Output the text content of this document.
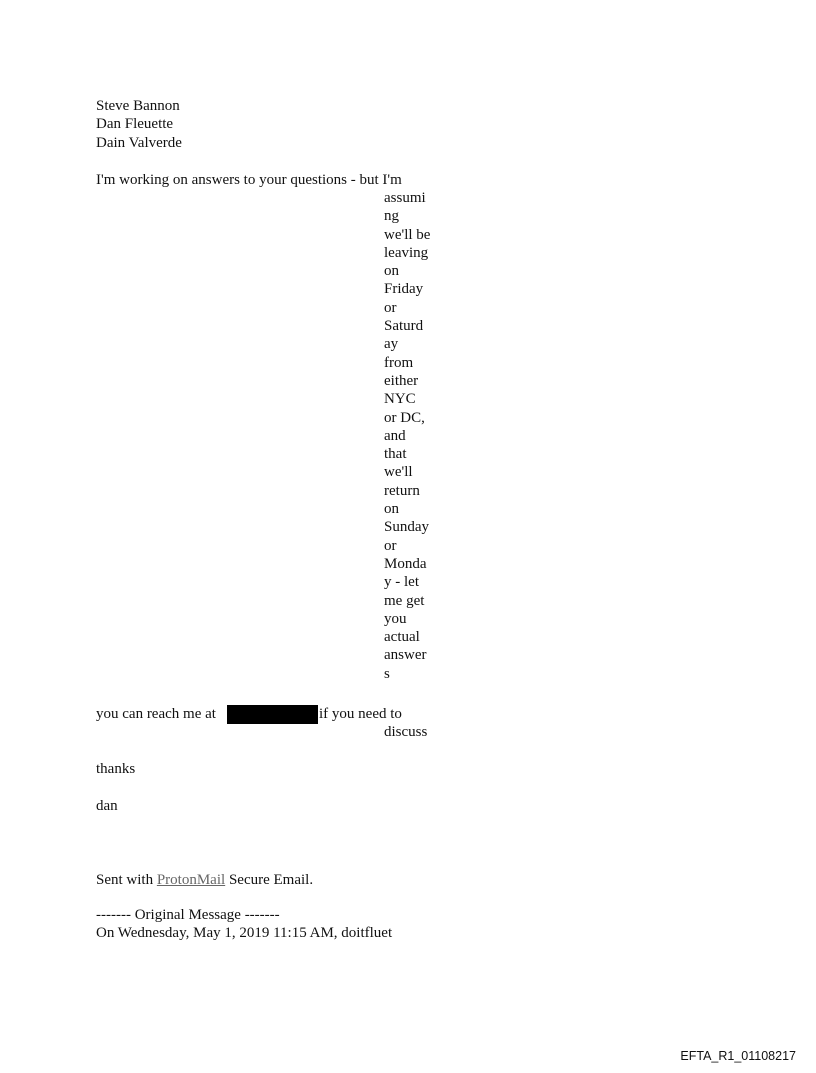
Steve Bannon
Dan Fleuette
Dain Valverde
I'm working on answers to your questions - but I'm
assumi
ng
we'll be
leaving
on
Friday
or
Saturd
ay
from
either
NYC
or DC,
and
that
we'll
return
on
Sunday
or
Monda
y - let
me get
you
actual
answer
s
you can reach me at	if you need to
discuss
thanks
dan
Sent with ProtonMail Secure Email.
------- Original Message -------
On Wednesday, May 1, 2019 11:15 AM, doitfluet
EFTA_R1_01108217
